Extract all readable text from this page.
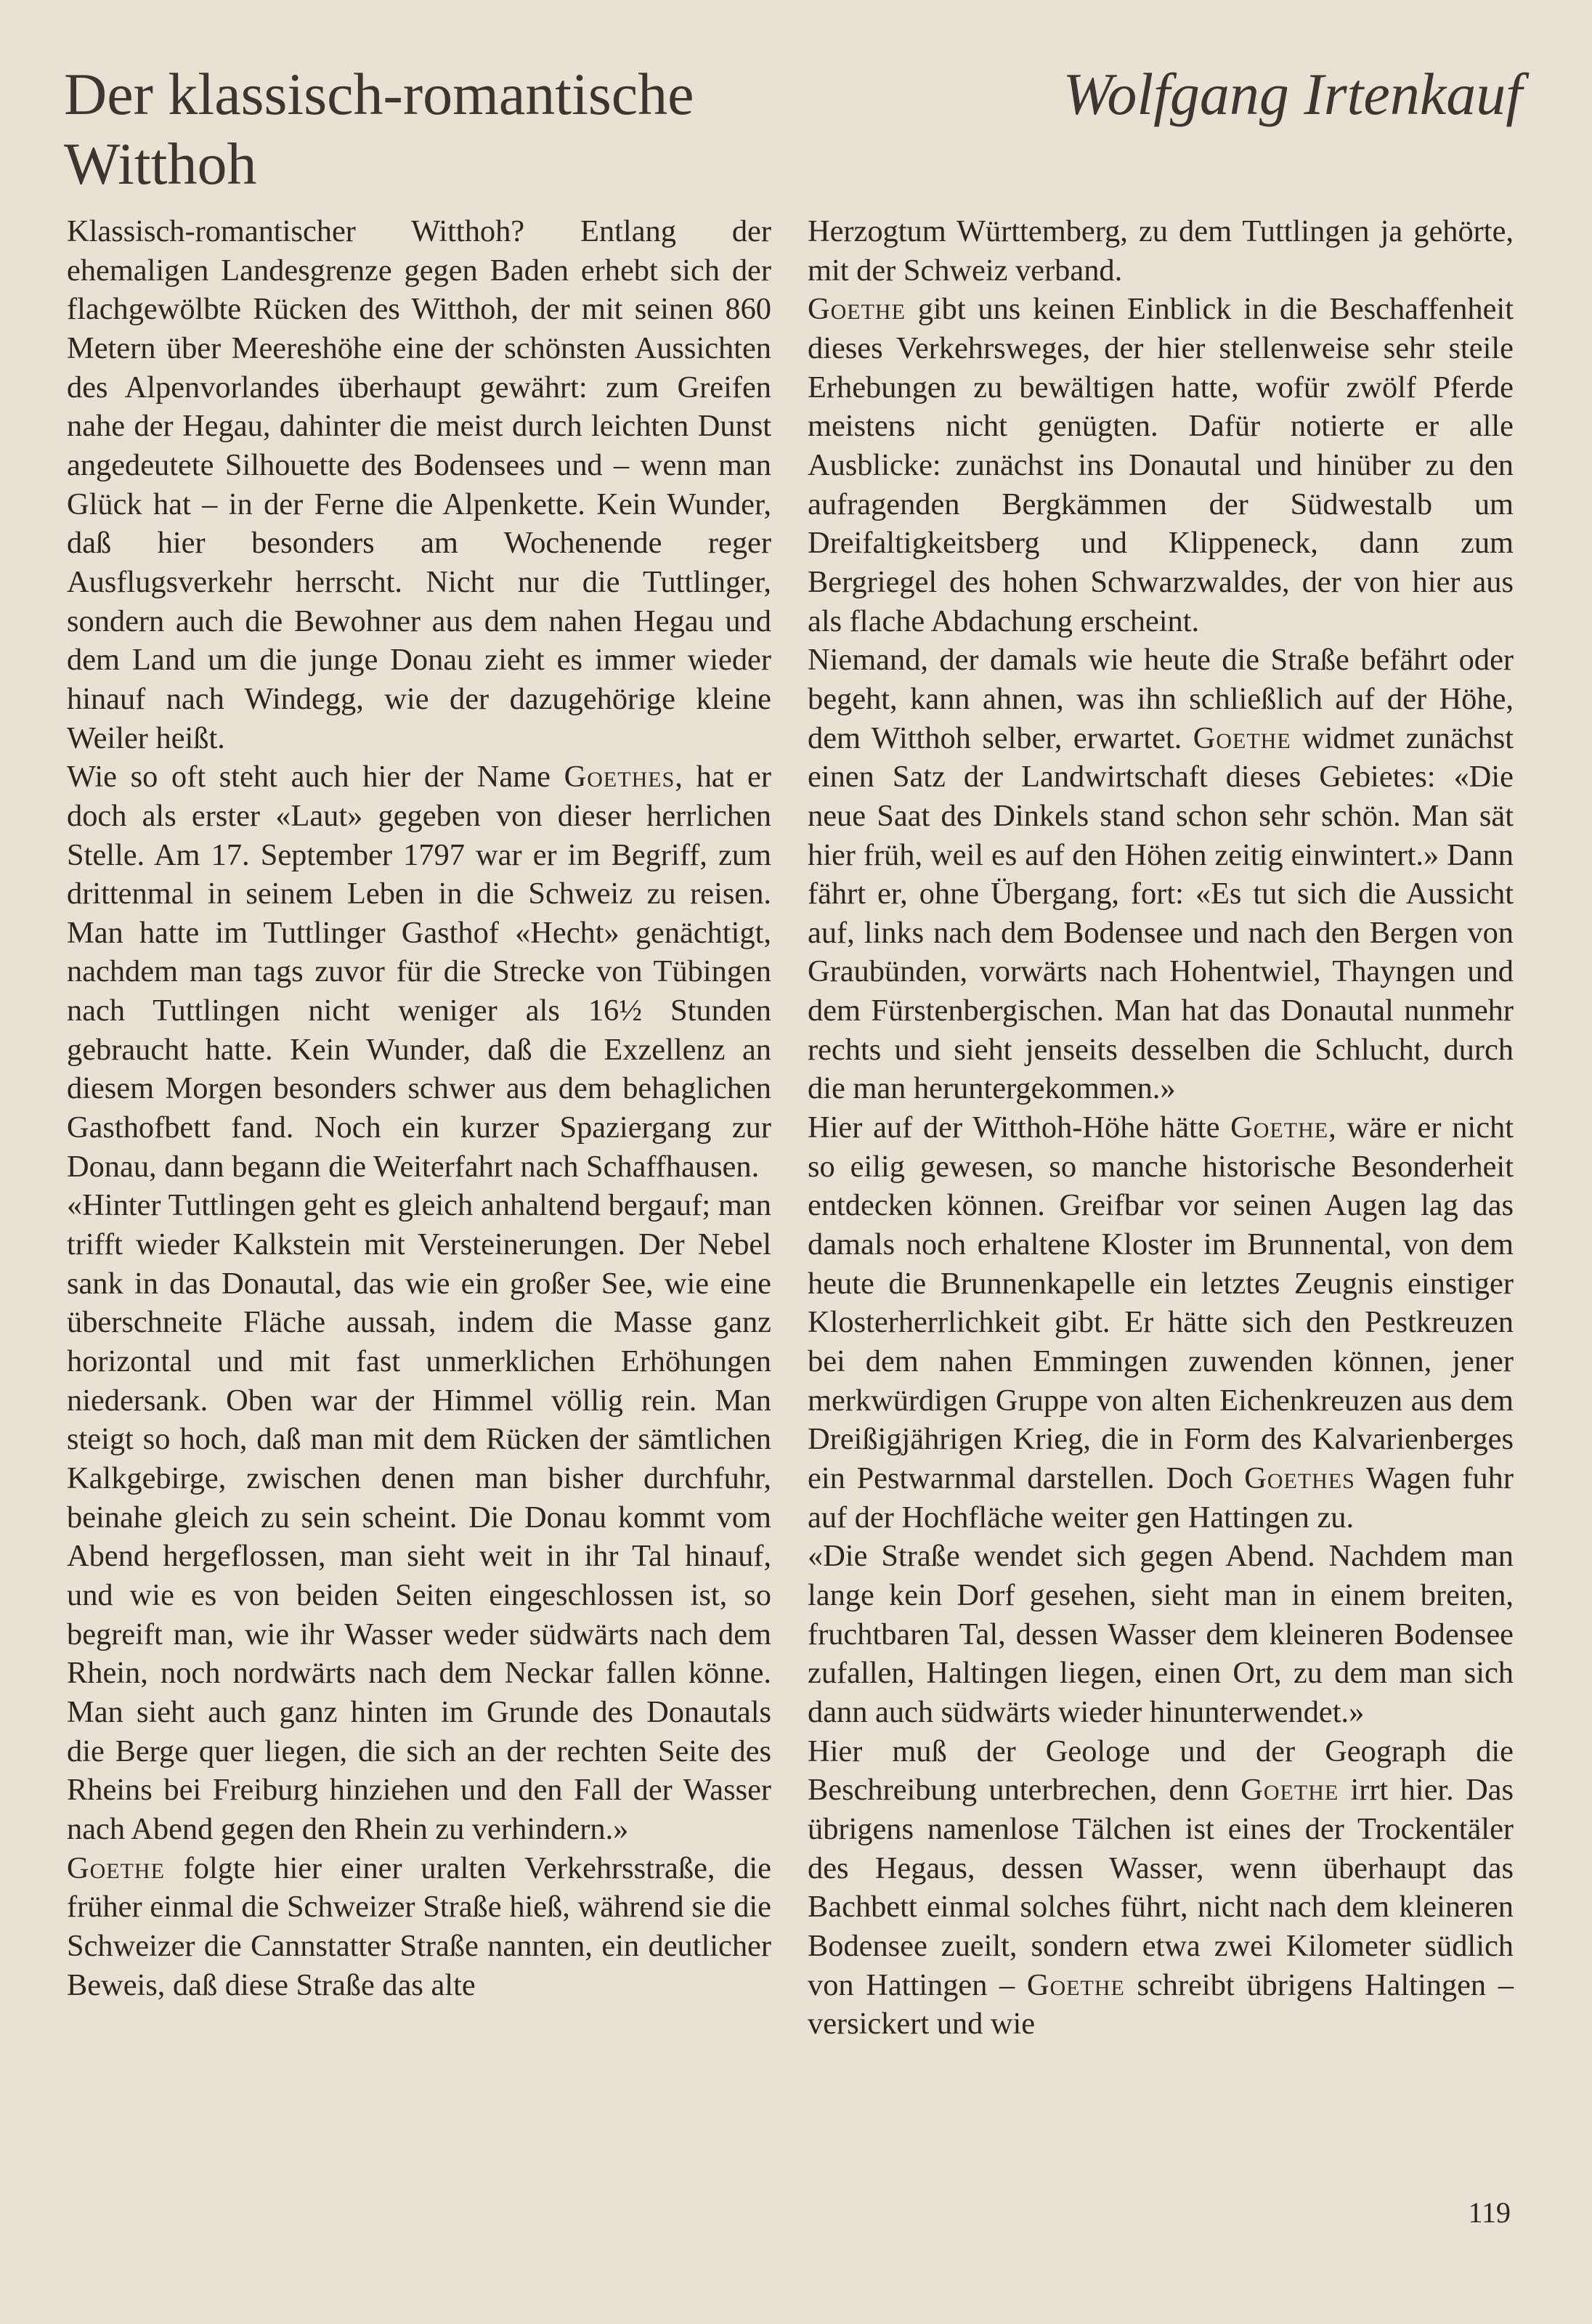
Der klassisch-romantische Witthoh
Wolfgang Irtenkauf

Klassisch-romantischer Witthoh? Entlang der ehemaligen Landesgrenze gegen Baden erhebt sich der flachgewölbte Rücken des Witthoh, der mit seinen 860 Metern über Meereshöhe eine der schönsten Aussichten des Alpenvorlandes überhaupt gewährt: zum Greifen nahe der Hegau, dahinter die meist durch leichten Dunst angedeutete Silhouette des Bodensees und – wenn man Glück hat – in der Ferne die Alpenkette. Kein Wunder, daß hier besonders am Wochenende reger Ausflugsverkehr herrscht. Nicht nur die Tuttlinger, sondern auch die Bewohner aus dem nahen Hegau und dem Land um die junge Donau zieht es immer wieder hinauf nach Windegg, wie der dazugehörige kleine Weiler heißt.

Wie so oft steht auch hier der Name Goethes, hat er doch als erster «Laut» gegeben von dieser herrlichen Stelle. Am 17. September 1797 war er im Begriff, zum drittenmal in seinem Leben in die Schweiz zu reisen. Man hatte im Tuttlinger Gasthof «Hecht» genächtigt, nachdem man tags zuvor für die Strecke von Tübingen nach Tuttlingen nicht weniger als 16½ Stunden gebraucht hatte. Kein Wunder, daß die Exzellenz an diesem Morgen besonders schwer aus dem behaglichen Gasthofbett fand. Noch ein kurzer Spaziergang zur Donau, dann begann die Weiterfahrt nach Schaffhausen.

«Hinter Tuttlingen geht es gleich anhaltend bergauf; man trifft wieder Kalkstein mit Versteinerungen. Der Nebel sank in das Donautal, das wie ein großer See, wie eine überschneite Fläche aussah, indem die Masse ganz horizontal und mit fast unmerklichen Erhöhungen niedersank. Oben war der Himmel völlig rein. Man steigt so hoch, daß man mit dem Rücken der sämtlichen Kalkgebirge, zwischen denen man bisher durchfuhr, beinahe gleich zu sein scheint. Die Donau kommt vom Abend hergeflossen, man sieht weit in ihr Tal hinauf, und wie es von beiden Seiten eingeschlossen ist, so begreift man, wie ihr Wasser weder südwärts nach dem Rhein, noch nordwärts nach dem Neckar fallen könne. Man sieht auch ganz hinten im Grunde des Donautals die Berge quer liegen, die sich an der rechten Seite des Rheins bei Freiburg hinziehen und den Fall der Wasser nach Abend gegen den Rhein zu verhindern.»

Goethe folgte hier einer uralten Verkehrsstraße, die früher einmal die Schweizer Straße hieß, während sie die Schweizer die Cannstatter Straße nannten, ein deutlicher Beweis, daß diese Straße das alte

Herzogtum Württemberg, zu dem Tuttlingen ja gehörte, mit der Schweiz verband.

Goethe gibt uns keinen Einblick in die Beschaffenheit dieses Verkehrsweges, der hier stellenweise sehr steile Erhebungen zu bewältigen hatte, wofür zwölf Pferde meistens nicht genügten. Dafür notierte er alle Ausblicke: zunächst ins Donautal und hinüber zu den aufragenden Bergkämmen der Südwestalb um Dreifaltigkeitsberg und Klippeneck, dann zum Bergriegel des hohen Schwarzwaldes, der von hier aus als flache Abdachung erscheint.

Niemand, der damals wie heute die Straße befährt oder begeht, kann ahnen, was ihn schließlich auf der Höhe, dem Witthoh selber, erwartet. Goethe widmet zunächst einen Satz der Landwirtschaft dieses Gebietes: «Die neue Saat des Dinkels stand schon sehr schön. Man sät hier früh, weil es auf den Höhen zeitig einwintert.» Dann fährt er, ohne Übergang, fort: «Es tut sich die Aussicht auf, links nach dem Bodensee und nach den Bergen von Graubünden, vorwärts nach Hohentwiel, Thayngen und dem Fürstenbergischen. Man hat das Donautal nunmehr rechts und sieht jenseits desselben die Schlucht, durch die man heruntergekommen.»

Hier auf der Witthoh-Höhe hätte Goethe, wäre er nicht so eilig gewesen, so manche historische Besonderheit entdecken können. Greifbar vor seinen Augen lag das damals noch erhaltene Kloster im Brunnental, von dem heute die Brunnenkapelle ein letztes Zeugnis einstiger Klosterherrlichkeit gibt. Er hätte sich den Pestkreuzen bei dem nahen Emmingen zuwenden können, jener merkwürdigen Gruppe von alten Eichenkreuzen aus dem Dreißigjährigen Krieg, die in Form des Kalvarienberges ein Pestwarnmal darstellen. Doch Goethes Wagen fuhr auf der Hochfläche weiter gen Hattingen zu.

«Die Straße wendet sich gegen Abend. Nachdem man lange kein Dorf gesehen, sieht man in einem breiten, fruchtbaren Tal, dessen Wasser dem kleineren Bodensee zufallen, Haltingen liegen, einen Ort, zu dem man sich dann auch südwärts wieder hinunterwendet.»

Hier muß der Geologe und der Geograph die Beschreibung unterbrechen, denn Goethe irrt hier. Das übrigens namenlose Tälchen ist eines der Trockentäler des Hegaus, dessen Wasser, wenn überhaupt das Bachbett einmal solches führt, nicht nach dem kleineren Bodensee zueilt, sondern etwa zwei Kilometer südlich von Hattingen – Goethe schreibt übrigens Haltingen – versickert und wie

119
